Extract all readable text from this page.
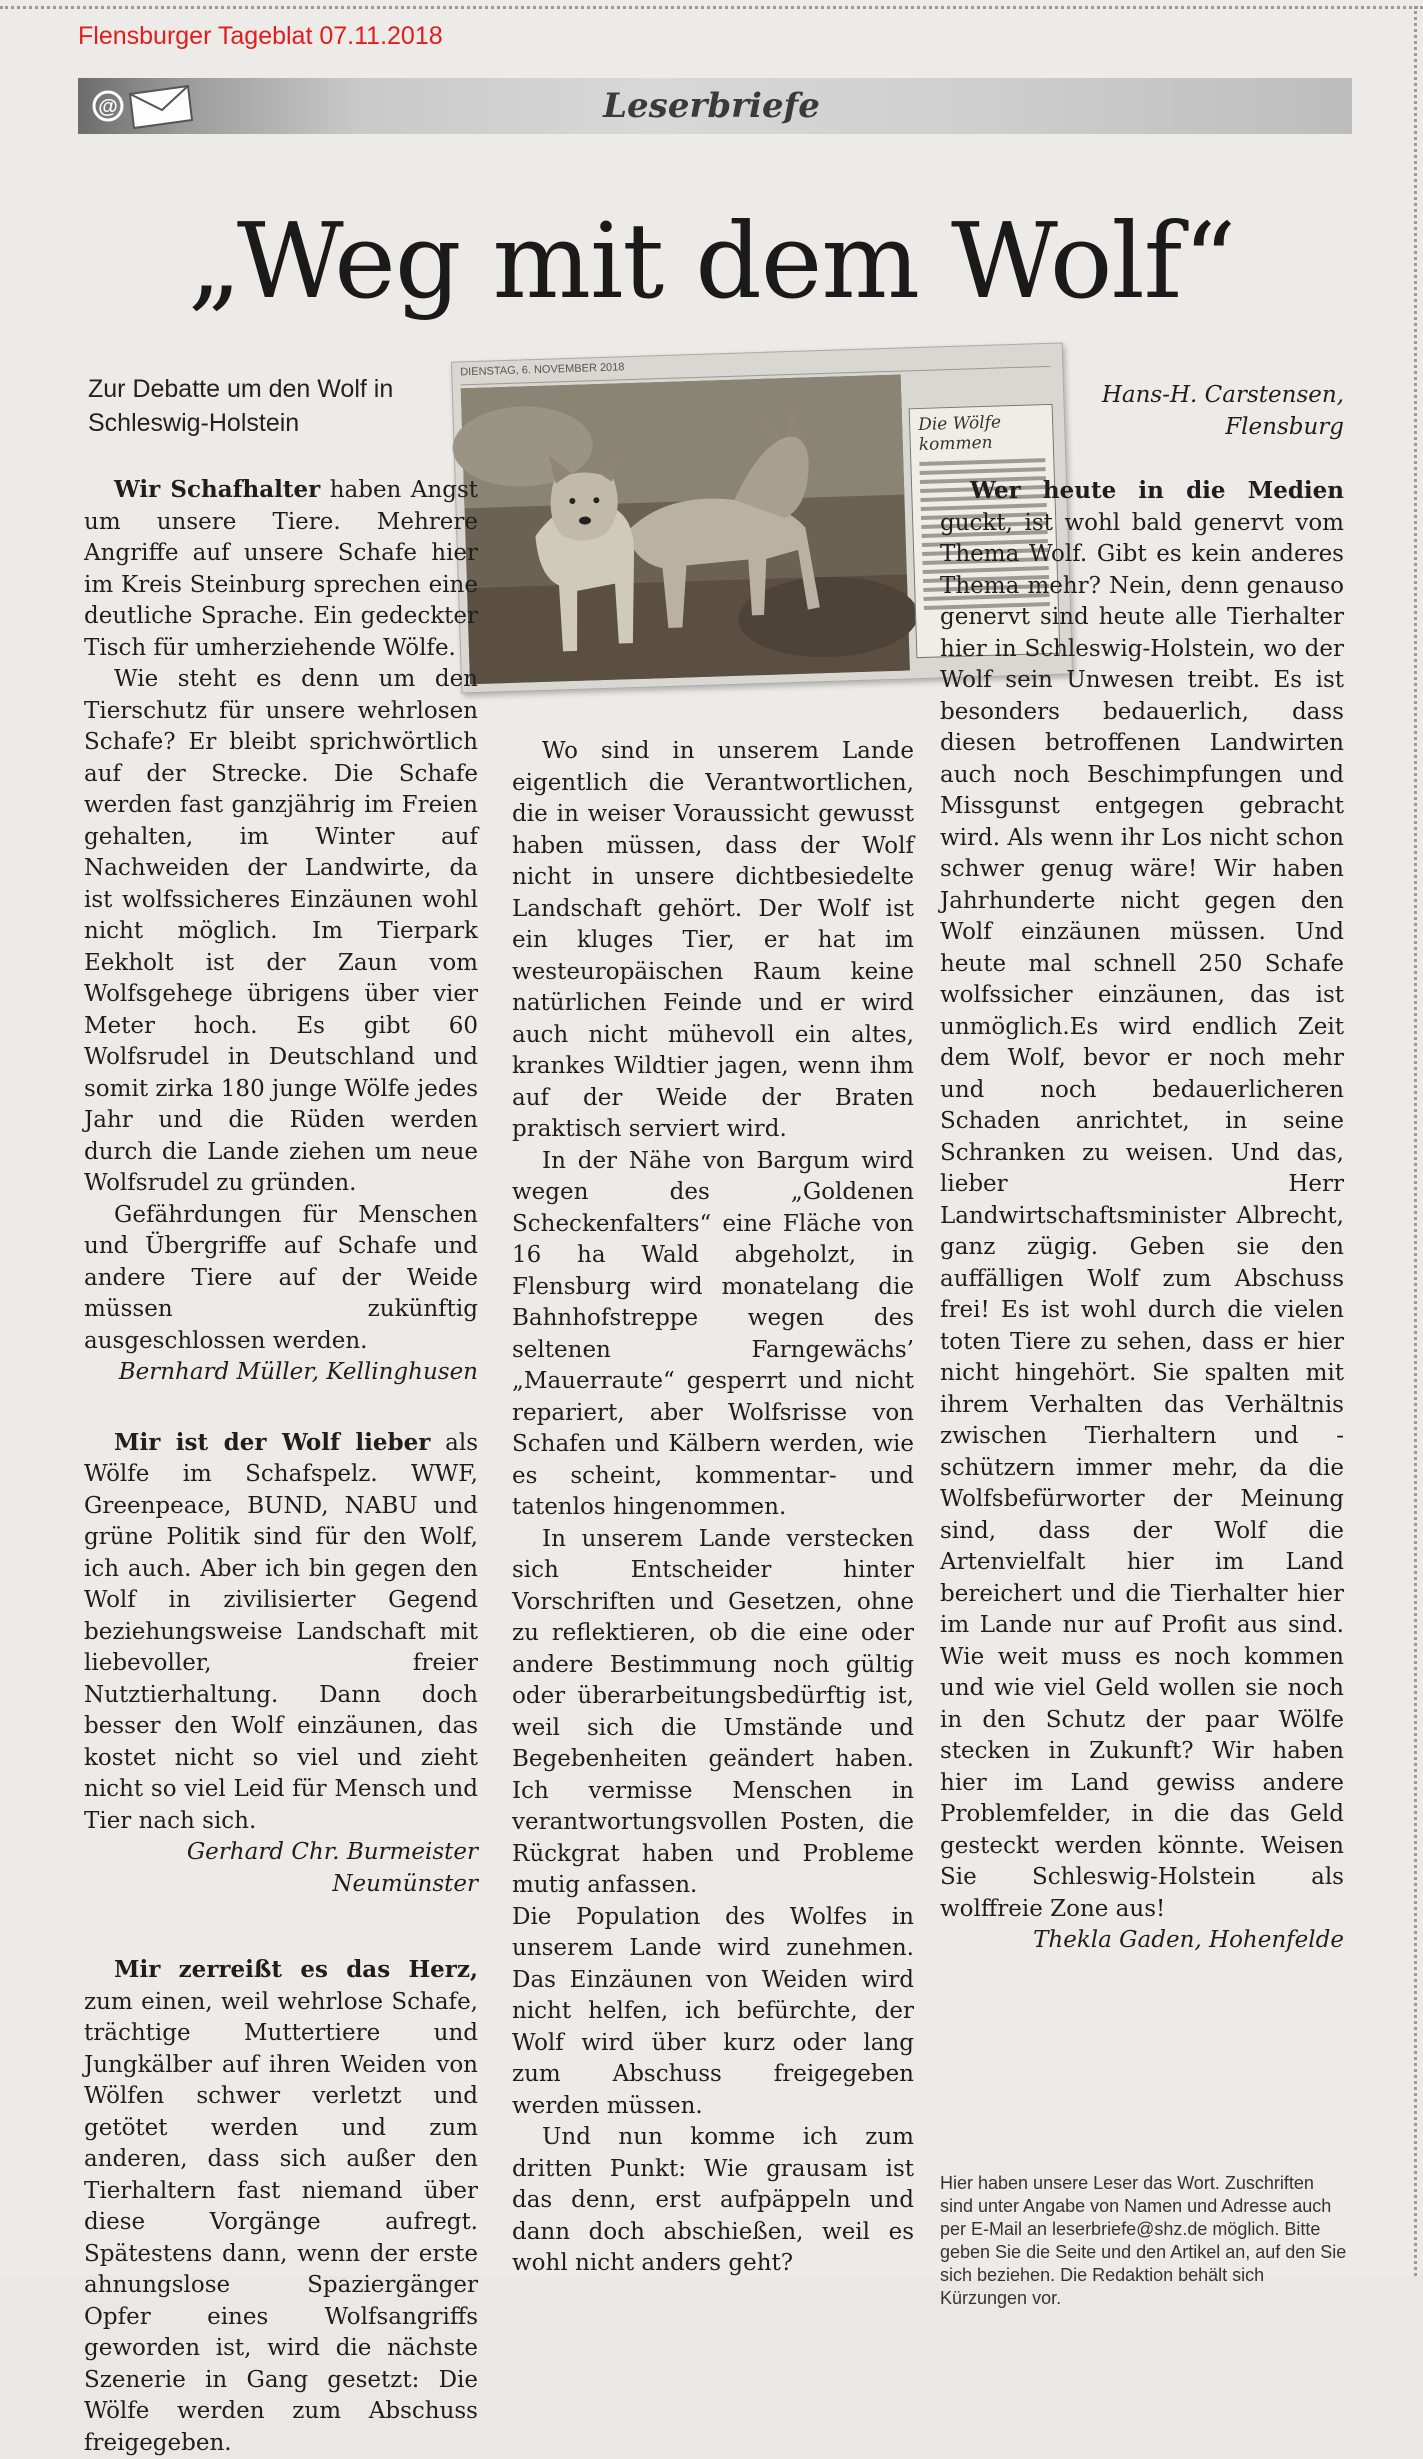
Flensburger Tageblat 07.11.2018
@	Leserbriefe
„Weg mit dem Wolf“
Zur Debatte um den Wolf in Schleswig-Holstein
DIENSTAG, 6. NOVEMBER 2018
Die Wölfe kommen

Wir Schafhalter haben Angst um unsere Tiere. Mehrere Angriffe auf unsere Schafe hier im Kreis Steinburg sprechen eine deutliche Sprache. Ein gedeckter Tisch für umherziehende Wölfe.

Wie steht es denn um den Tierschutz für unsere wehrlosen Schafe? Er bleibt sprichwörtlich auf der Strecke. Die Schafe werden fast ganzjährig im Freien gehalten, im Winter auf Nachweiden der Landwirte, da ist wolfssicheres Einzäunen wohl nicht möglich. Im Tierpark Eekholt ist der Zaun vom Wolfsgehege übrigens über vier Meter hoch. Es gibt 60 Wolfsrudel in Deutschland und somit zirka 180 junge Wölfe jedes Jahr und die Rüden werden durch die Lande ziehen um neue Wolfsrudel zu gründen.

Gefährdungen für Menschen und Übergriffe auf Schafe und andere Tiere auf der Weide müssen zukünftig ausgeschlossen werden.

Bernhard Müller, Kellinghusen

Mir ist der Wolf lieber als Wölfe im Schafspelz. WWF, Greenpeace, BUND, NABU und grüne Politik sind für den Wolf, ich auch. Aber ich bin gegen den Wolf in zivilisierter Gegend beziehungsweise Landschaft mit liebevoller, freier Nutztierhaltung. Dann doch besser den Wolf einzäunen, das kostet nicht so viel und zieht nicht so viel Leid für Mensch und Tier nach sich.

Gerhard Chr. Burmeister

Neumünster

Mir zerreißt es das Herz, zum einen, weil wehrlose Schafe, trächtige Muttertiere und Jungkälber auf ihren Weiden von Wölfen schwer verletzt und getötet werden und zum anderen, dass sich außer den Tierhaltern fast niemand über diese Vorgänge aufregt. Spätestens dann, wenn der erste ahnungslose Spaziergänger Opfer eines Wolfsangriffs geworden ist, wird die nächste Szenerie in Gang gesetzt: Die Wölfe werden zum Abschuss freigegeben.

Wo sind in unserem Lande eigentlich die Verantwortlichen, die in weiser Voraussicht gewusst haben müssen, dass der Wolf nicht in unsere dichtbesiedelte Landschaft gehört. Der Wolf ist ein kluges Tier, er hat im westeuropäischen Raum keine natürlichen Feinde und er wird auch nicht mühevoll ein altes, krankes Wildtier jagen, wenn ihm auf der Weide der Braten praktisch serviert wird.

In der Nähe von Bargum wird wegen des „Goldenen Scheckenfalters“ eine Fläche von 16 ha Wald abgeholzt, in Flensburg wird monatelang die Bahnhofstreppe wegen des seltenen Farngewächs’ „Mauerraute“ gesperrt und nicht repariert, aber Wolfsrisse von Schafen und Kälbern werden, wie es scheint, kommentar- und tatenlos hingenommen.

In unserem Lande verstecken sich Entscheider hinter Vorschriften und Gesetzen, ohne zu reflektieren, ob die eine oder andere Bestimmung noch gültig oder überarbeitungsbedürftig ist, weil sich die Umstände und Begebenheiten geändert haben. Ich vermisse Menschen in verantwortungsvollen Posten, die Rückgrat haben und Probleme mutig anfassen.

Die Population des Wolfes in unserem Lande wird zunehmen. Das Einzäunen von Weiden wird nicht helfen, ich befürchte, der Wolf wird über kurz oder lang zum Abschuss freigegeben werden müssen.

Und nun komme ich zum dritten Punkt: Wie grausam ist das denn, erst aufpäppeln und dann doch abschießen, weil es wohl nicht anders geht?

Hans-H. Carstensen,

Flensburg

Wer heute in die Medien guckt, ist wohl bald genervt vom Thema Wolf. Gibt es kein anderes Thema mehr? Nein, denn genauso genervt sind heute alle Tierhalter hier in Schleswig-Holstein, wo der Wolf sein Unwesen treibt. Es ist besonders bedauerlich, dass diesen betroffenen Landwirten auch noch Beschimpfungen und Missgunst entgegen gebracht wird. Als wenn ihr Los nicht schon schwer genug wäre! Wir haben Jahrhunderte nicht gegen den Wolf einzäunen müssen. Und heute mal schnell 250 Schafe wolfssicher einzäunen, das ist unmöglich.Es wird endlich Zeit dem Wolf, bevor er noch mehr und noch bedauerlicheren Schaden anrichtet, in seine Schranken zu weisen. Und das, lieber Herr Landwirtschaftsminister Albrecht, ganz zügig. Geben sie den auffälligen Wolf zum Abschuss frei! Es ist wohl durch die vielen toten Tiere zu sehen, dass er hier nicht hingehört. Sie spalten mit ihrem Verhalten das Verhältnis zwischen Tierhaltern und -schützern immer mehr, da die Wolfsbefürworter der Meinung sind, dass der Wolf die Artenvielfalt hier im Land bereichert und die Tierhalter hier im Lande nur auf Profit aus sind. Wie weit muss es noch kommen und wie viel Geld wollen sie noch in den Schutz der paar Wölfe stecken in Zukunft? Wir haben hier im Land gewiss andere Problemfelder, in die das Geld gesteckt werden könnte. Weisen Sie Schleswig-Holstein als wolffreie Zone aus!

Thekla Gaden, Hohenfelde

Hier haben unsere Leser das Wort. Zuschriften sind unter Angabe von Namen und Adresse auch per E-Mail an leserbriefe@shz.de möglich. Bitte geben Sie die Seite und den Artikel an, auf den Sie sich beziehen. Die Redaktion behält sich Kürzungen vor.
